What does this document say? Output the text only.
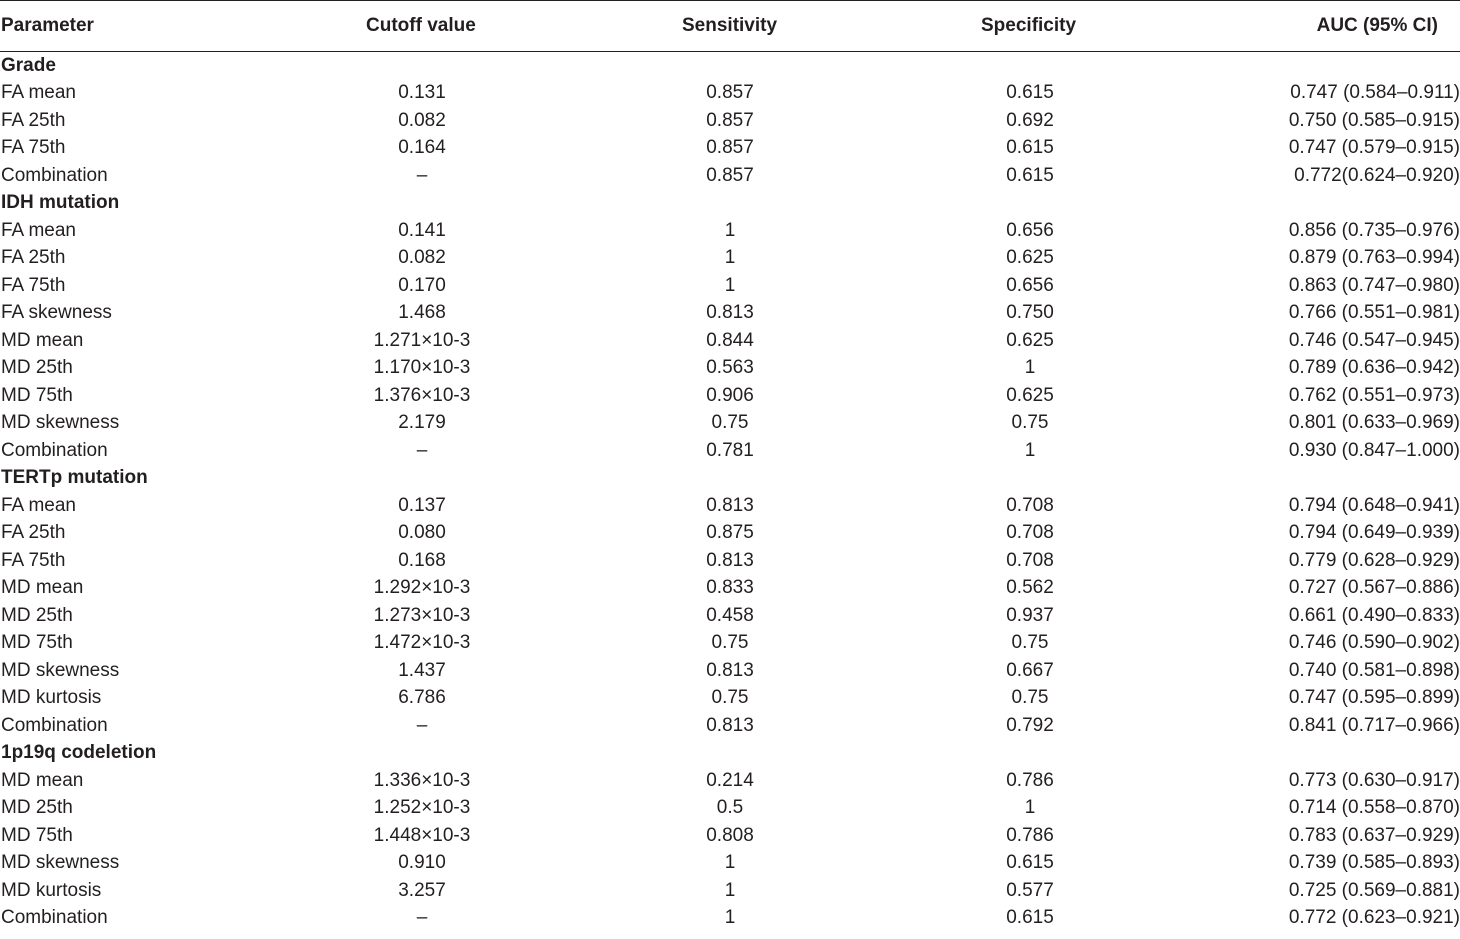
Parameter	Cutoff value	Sensitivity	Specificity	AUC (95% CI)
Grade				
FA mean	0.131	0.857	0.615	0.747 (0.584–0.911)
FA 25th	0.082	0.857	0.692	0.750 (0.585–0.915)
FA 75th	0.164	0.857	0.615	0.747 (0.579–0.915)
Combination	–	0.857	0.615	0.772(0.624–0.920)
IDH mutation				
FA mean	0.141	1	0.656	0.856 (0.735–0.976)
FA 25th	0.082	1	0.625	0.879 (0.763–0.994)
FA 75th	0.170	1	0.656	0.863 (0.747–0.980)
FA skewness	1.468	0.813	0.750	0.766 (0.551–0.981)
MD mean	1.271×10-3	0.844	0.625	0.746 (0.547–0.945)
MD 25th	1.170×10-3	0.563	1	0.789 (0.636–0.942)
MD 75th	1.376×10-3	0.906	0.625	0.762 (0.551–0.973)
MD skewness	2.179	0.75	0.75	0.801 (0.633–0.969)
Combination	–	0.781	1	0.930 (0.847–1.000)
TERTp mutation				
FA mean	0.137	0.813	0.708	0.794 (0.648–0.941)
FA 25th	0.080	0.875	0.708	0.794 (0.649–0.939)
FA 75th	0.168	0.813	0.708	0.779 (0.628–0.929)
MD mean	1.292×10-3	0.833	0.562	0.727 (0.567–0.886)
MD 25th	1.273×10-3	0.458	0.937	0.661 (0.490–0.833)
MD 75th	1.472×10-3	0.75	0.75	0.746 (0.590–0.902)
MD skewness	1.437	0.813	0.667	0.740 (0.581–0.898)
MD kurtosis	6.786	0.75	0.75	0.747 (0.595–0.899)
Combination	–	0.813	0.792	0.841 (0.717–0.966)
1p19q codeletion				
MD mean	1.336×10-3	0.214	0.786	0.773 (0.630–0.917)
MD 25th	1.252×10-3	0.5	1	0.714 (0.558–0.870)
MD 75th	1.448×10-3	0.808	0.786	0.783 (0.637–0.929)
MD skewness	0.910	1	0.615	0.739 (0.585–0.893)
MD kurtosis	3.257	1	0.577	0.725 (0.569–0.881)
Combination	–	1	0.615	0.772 (0.623–0.921)
